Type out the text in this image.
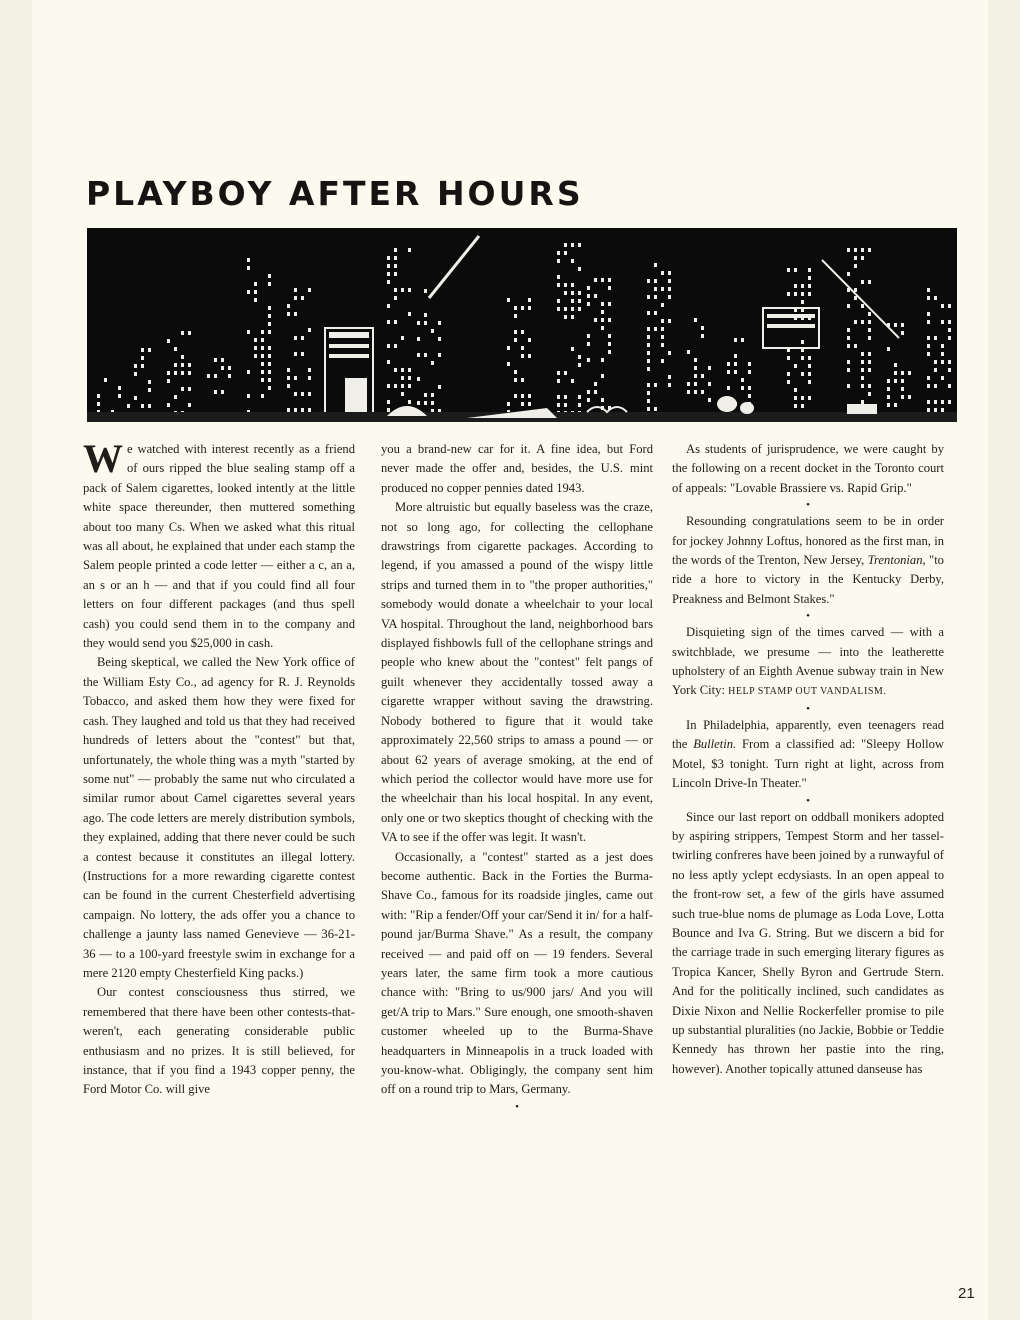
PLAYBOY AFTER HOURS

We watched with interest recently as a friend of ours ripped the blue sealing stamp off a pack of Salem cigarettes, looked intently at the little white space thereunder, then muttered something about too many Cs. When we asked what this ritual was all about, he explained that under each stamp the Salem people printed a code letter — either a c, an a, an s or an h — and that if you could find all four letters on four different packages (and thus spell cash) you could send them in to the company and they would send you $25,000 in cash.

Being skeptical, we called the New York office of the William Esty Co., ad agency for R. J. Reynolds Tobacco, and asked them how they were fixed for cash. They laughed and told us that they had received hundreds of letters about the "contest" but that, unfortunately, the whole thing was a myth "started by some nut" — probably the same nut who circulated a similar rumor about Camel cigarettes several years ago. The code letters are merely distribution symbols, they explained, adding that there never could be such a contest because it constitutes an illegal lottery. (Instructions for a more rewarding cigarette contest can be found in the current Chesterfield advertising campaign. No lottery, the ads offer you a chance to challenge a jaunty lass named Genevieve — 36-21-36 — to a 100-yard freestyle swim in exchange for a mere 2120 empty Chesterfield King packs.)

Our contest consciousness thus stirred, we remembered that there have been other contests-that-weren't, each generating considerable public enthusiasm and no prizes. It is still believed, for instance, that if you find a 1943 copper penny, the Ford Motor Co. will give

you a brand-new car for it. A fine idea, but Ford never made the offer and, besides, the U.S. mint produced no copper pennies dated 1943.

More altruistic but equally baseless was the craze, not so long ago, for collecting the cellophane drawstrings from cigarette packages. According to legend, if you amassed a pound of the wispy little strips and turned them in to "the proper authorities," somebody would donate a wheelchair to your local VA hospital. Throughout the land, neighborhood bars displayed fishbowls full of the cellophane strings and people who knew about the "contest" felt pangs of guilt whenever they accidentally tossed away a cigarette wrapper without saving the drawstring. Nobody bothered to figure that it would take approximately 22,560 strips to amass a pound — or about 62 years of average smoking, at the end of which period the collector would have more use for the wheelchair than his local hospital. In any event, only one or two skeptics thought of checking with the VA to see if the offer was legit. It wasn't.

Occasionally, a "contest" started as a jest does become authentic. Back in the Forties the Burma-Shave Co., famous for its roadside jingles, came out with: "Rip a fender/Off your car/Send it in/ for a half-pound jar/Burma Shave." As a result, the company received — and paid off on — 19 fenders. Several years later, the same firm took a more cautious chance with: "Bring to us/900 jars/ And you will get/A trip to Mars." Sure enough, one smooth-shaven customer wheeled up to the Burma-Shave headquarters in Minneapolis in a truck loaded with you-know-what. Obligingly, the company sent him off on a round trip to Mars, Germany.

•

As students of jurisprudence, we were caught by the following on a recent docket in the Toronto court of appeals: "Lovable Brassiere vs. Rapid Grip."

•

Resounding congratulations seem to be in order for jockey Johnny Loftus, honored as the first man, in the words of the Trenton, New Jersey, Trentonian, "to ride a hore to victory in the Kentucky Derby, Preakness and Belmont Stakes."

•

Disquieting sign of the times carved — with a switchblade, we presume — into the leatherette upholstery of an Eighth Avenue subway train in New York City: HELP STAMP OUT VANDALISM.

•

In Philadelphia, apparently, even teenagers read the Bulletin. From a classified ad: "Sleepy Hollow Motel, $3 tonight. Turn right at light, across from Lincoln Drive-In Theater."

•

Since our last report on oddball monikers adopted by aspiring strippers, Tempest Storm and her tassel-twirling confreres have been joined by a runwayful of no less aptly yclept ecdysiasts. In an open appeal to the front-row set, a few of the girls have assumed such true-blue noms de plumage as Loda Love, Lotta Bounce and Iva G. String. But we discern a bid for the carriage trade in such emerging literary figures as Tropica Kancer, Shelly Byron and Gertrude Stern. And for the politically inclined, such candidates as Dixie Nixon and Nellie Rockerfeller promise to pile up substantial pluralities (no Jackie, Bobbie or Teddie Kennedy has thrown her pastie into the ring, however). Another topically attuned danseuse has

21
